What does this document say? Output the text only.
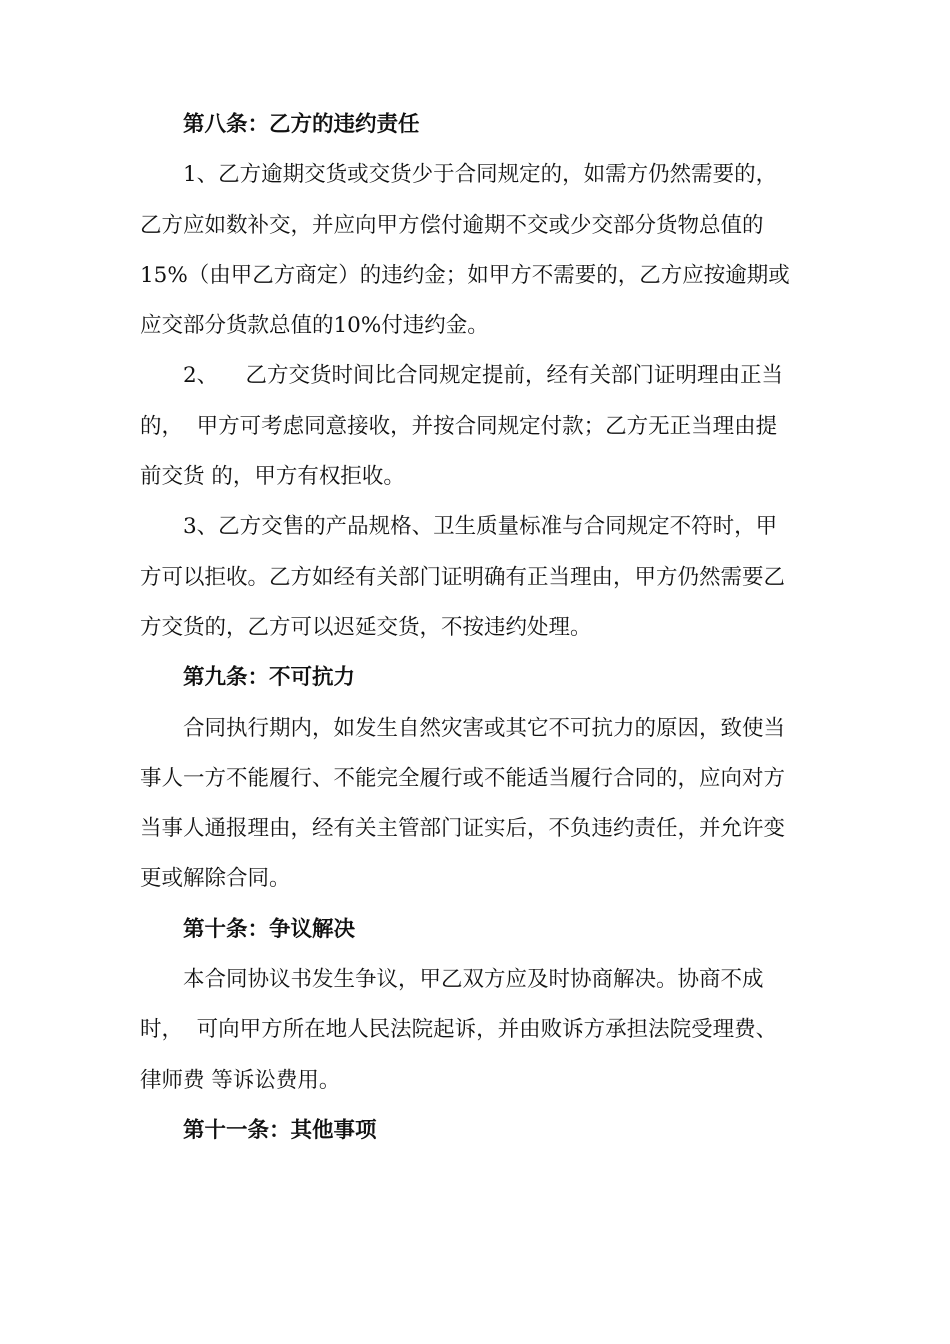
第八条：乙方的违约责任
1、乙方逾期交货或交货少于合同规定的，如需方仍然需要的，
乙方应如数补交，并应向甲方偿付逾期不交或少交部分货物总值的
15%（由甲乙方商定）的违约金；如甲方不需要的，乙方应按逾期或
应交部分货款总值的10%付违约金。
2、    乙方交货时间比合同规定提前，经有关部门证明理由正当
的，  甲方可考虑同意接收，并按合同规定付款；乙方无正当理由提
前交货 的，甲方有权拒收。
3、乙方交售的产品规格、卫生质量标准与合同规定不符时，甲
方可以拒收。乙方如经有关部门证明确有正当理由，甲方仍然需要乙
方交货的，乙方可以迟延交货，不按违约处理。
第九条：不可抗力
合同执行期内，如发生自然灾害或其它不可抗力的原因，致使当
事人一方不能履行、不能完全履行或不能适当履行合同的，应向对方
当事人通报理由，经有关主管部门证实后，不负违约责任，并允许变
更或解除合同。
第十条：争议解决
本合同协议书发生争议，甲乙双方应及时协商解决。协商不成
时，  可向甲方所在地人民法院起诉，并由败诉方承担法院受理费、
律师费 等诉讼费用。
第十一条：其他事项
